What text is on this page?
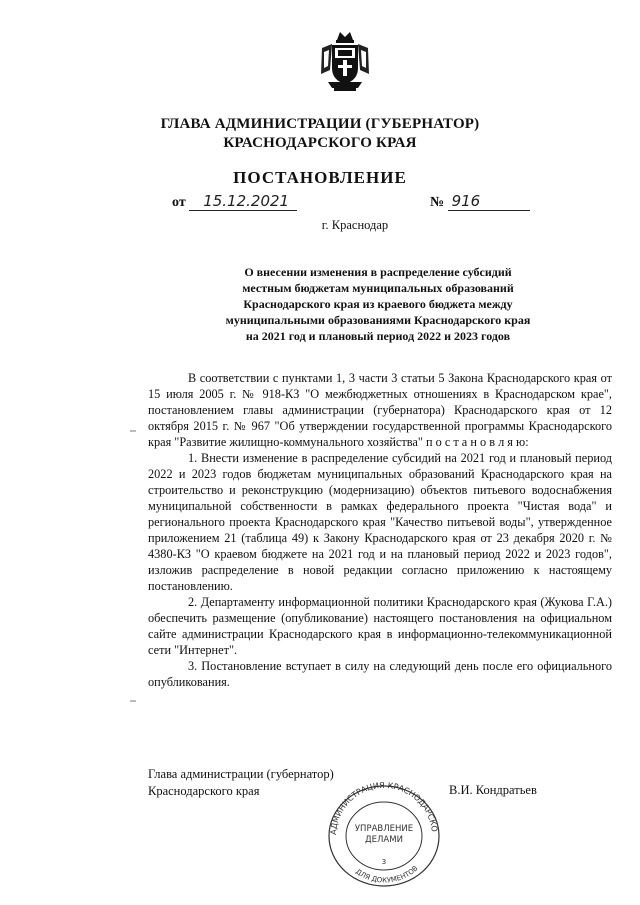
ГЛАВА АДМИНИСТРАЦИИ (ГУБЕРНАТОР)
КРАСНОДАРСКОГО КРАЯ
ПОСТАНОВЛЕНИЕ
от 15.12.2021	№ 916
г. Краснодар
О внесении изменения в распределение субсидий
местным бюджетам муниципальных образований
Краснодарского края из краевого бюджета между
муниципальными образованиями Краснодарского края
на 2021 год и плановый период 2022 и 2023 годов

В соответствии с пунктами 1, 3 части 3 статьи 5 Закона Краснодарского края от 15 июля 2005 г. № 918-КЗ "О межбюджетных отношениях в Краснодарском крае", постановлением главы администрации (губернатора) Краснодарского края от 12 октября 2015 г. № 967 "Об утверждении государственной программы Краснодарского края "Развитие жилищно-коммунального хозяйства" п о с т а н о в л я ю:

1. Внести изменение в распределение субсидий на 2021 год и плановый период 2022 и 2023 годов бюджетам муниципальных образований Краснодарского края на строительство и реконструкцию (модернизацию) объектов питьевого водоснабжения муниципальной собственности в рамках федерального проекта "Чистая вода" и регионального проекта Краснодарского края "Качество питьевой воды", утвержденное приложением 21 (таблица 49) к Закону Краснодарского края от 23 декабря 2020 г. № 4380-КЗ "О краевом бюджете на 2021 год и на плановый период 2022 и 2023 годов", изложив распределение в новой редакции согласно приложению к настоящему постановлению.

2. Департаменту информационной политики Краснодарского края (Жукова Г.А.) обеспечить размещение (опубликование) настоящего постановления на официальном сайте администрации Краснодарского края в информационно-телекоммуникационной сети "Интернет".

3. Постановление вступает в силу на следующий день после его официального опубликования.

Глава администрации (губернатор)
Краснодарского края	В.И. Кондратьев
АДМИНИСТРАЦИЯ КРАСНОДАРСКО
ДЛЯ ДОКУМЕНТОВ
УПРАВЛЕНИЕ
ДЕЛАМИ
3
